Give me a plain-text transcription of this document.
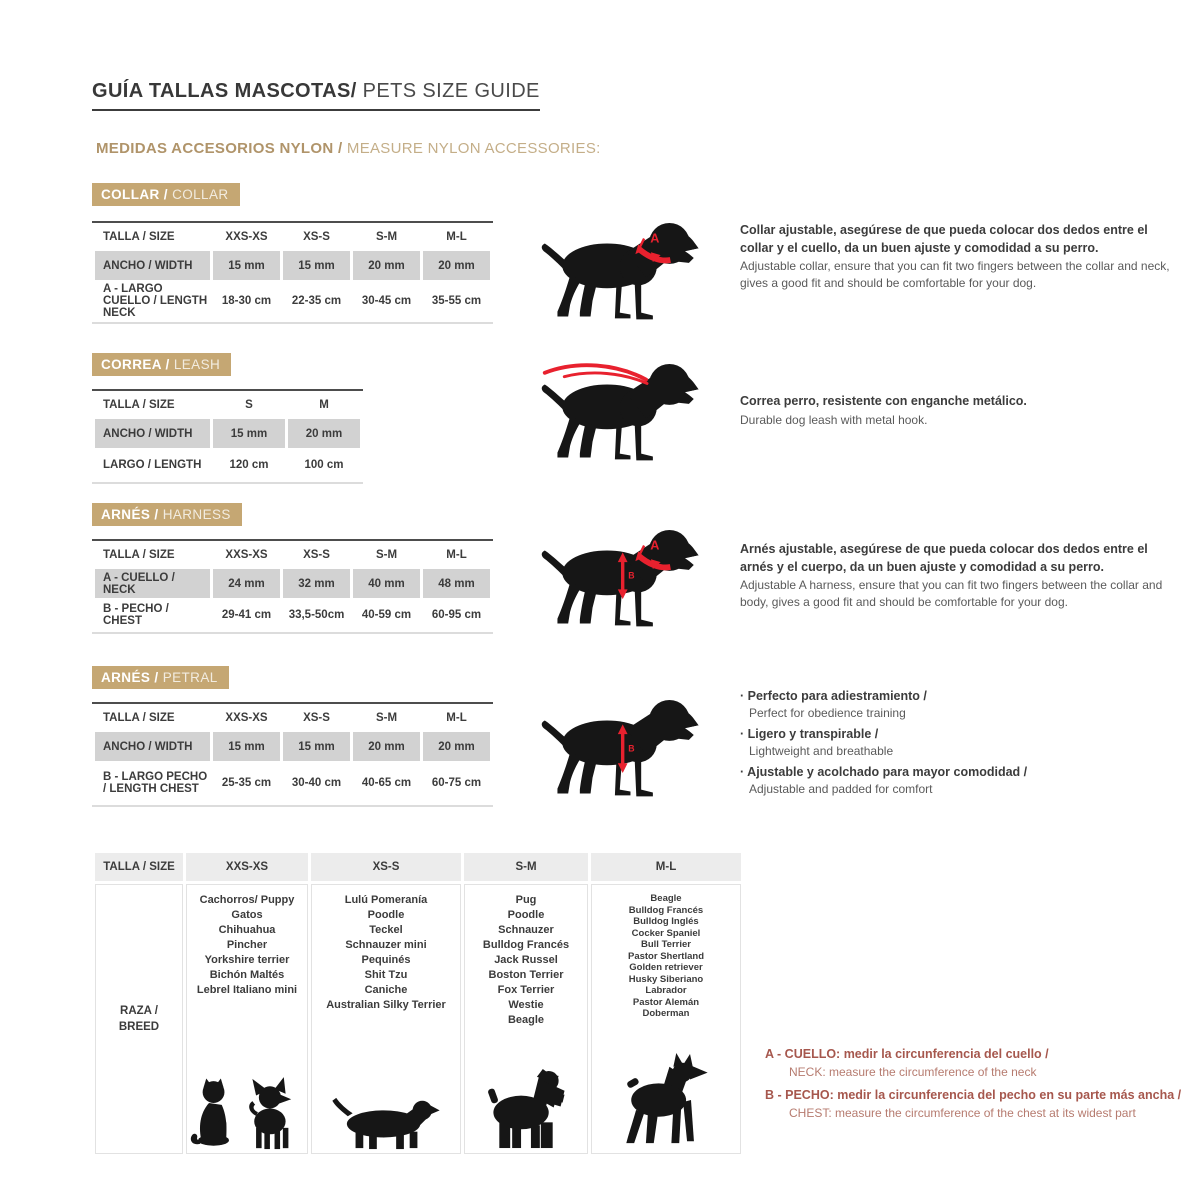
GUÍA TALLAS MASCOTAS/ PETS SIZE GUIDE
MEDIDAS ACCESORIOS NYLON / MEASURE NYLON ACCESSORIES:
COLLAR / COLLAR
TALLA / SIZE	XXS-XS	XS-S	S-M	M-L
ANCHO / WIDTH	15 mm	15 mm	20 mm	20 mm
A - LARGO CUELLO / LENGTH NECK	18-30 cm	22-35 cm	30-45 cm	35-55 cm
A
Collar ajustable, asegúrese de que pueda colocar dos dedos entre el collar y el cuello, da un buen ajuste y comodidad a su perro.
Adjustable collar, ensure that you can fit two fingers between the collar and neck, gives a good fit and should be comfortable for your dog.
CORREA / LEASH
TALLA / SIZE	S	M
ANCHO / WIDTH	15 mm	20 mm
LARGO / LENGTH	120 cm	100 cm
Correa perro, resistente con enganche metálico.
Durable dog leash with metal hook.
ARNÉS / HARNESS
TALLA / SIZE	XXS-XS	XS-S	S-M	M-L
A - CUELLO / NECK	24 mm	32 mm	40 mm	48 mm
B - PECHO / CHEST	29-41 cm	33,5-50cm	40-59 cm	60-95 cm
A
B
Arnés ajustable, asegúrese de que pueda colocar dos dedos entre el arnés y el cuerpo, da un buen ajuste y comodidad a su perro.
Adjustable A harness, ensure that you can fit two fingers between the collar and body, gives a good fit and should be comfortable for your dog.
ARNÉS / PETRAL
TALLA / SIZE	XXS-XS	XS-S	S-M	M-L
ANCHO / WIDTH	15 mm	15 mm	20 mm	20 mm
B - LARGO PECHO / LENGTH CHEST	25-35 cm	30-40 cm	40-65 cm	60-75 cm
B
· Perfecto para adiestramiento /
Perfect for obedience training
· Ligero y transpirable /
Lightweight and breathable
· Ajustable y acolchado para mayor comodidad /
Adjustable and padded for comfort
TALLA / SIZE	XXS-XS	XS-S	S-M	M-L

RAZA /
BREED

Cachorros/ Puppy
Gatos
Chihuahua
Pincher
Yorkshire terrier
Bichón Maltés
Lebrel Italiano mini

Lulú Pomeranía
Poodle
Teckel
Schnauzer mini
Pequinés
Shit Tzu
Caniche
Australian Silky Terrier

Pug
Poodle
Schnauzer
Bulldog Francés
Jack Russel
Boston Terrier
Fox Terrier
Westie
Beagle

Beagle
Bulldog Francés
Bulldog Inglés
Cocker Spaniel
Bull Terrier
Pastor Shertland
Golden retriever
Husky Siberiano
Labrador
Pastor Alemán
Doberman
A - CUELLO: medir la circunferencia del cuello /
NECK: measure the circumference of the neck
B - PECHO: medir la circunferencia del pecho en su parte más ancha /
CHEST: measure the circumference of the chest at its widest part
